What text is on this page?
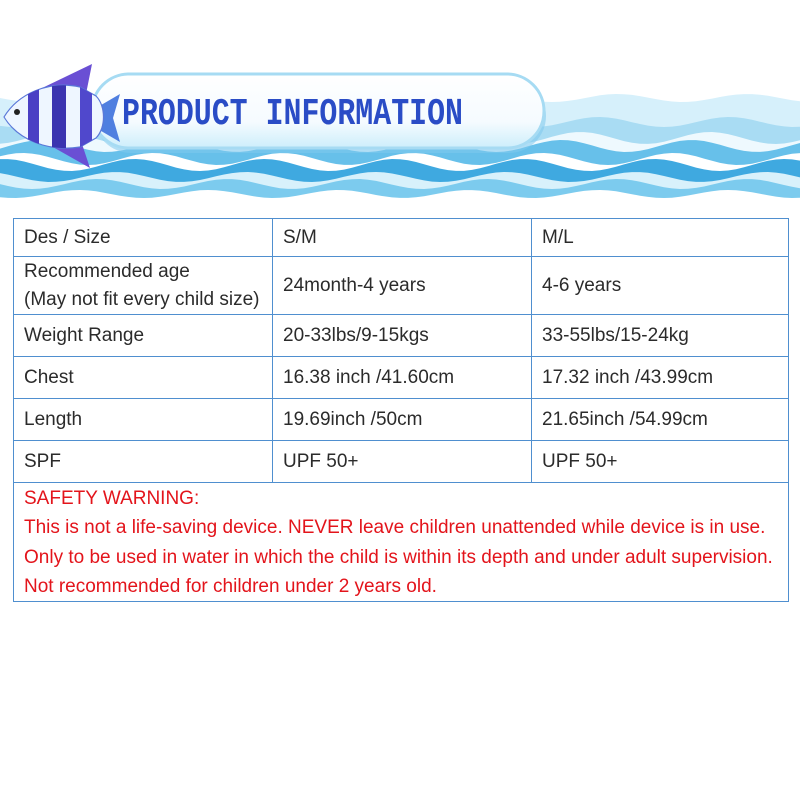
PRODUCT INFORMATION
Des / Size	S/M	M/L

Recommended age
(May not fit every child size)	24month-4 years	4-6 years
Weight Range	20-33lbs/9-15kgs	33-55lbs/15-24kg
Chest	16.38 inch /41.60cm	17.32 inch /43.99cm
Length	19.69inch /50cm	21.65inch /54.99cm
SPF	UPF 50+	UPF 50+

SAFETY WARNING:
This is not a life-saving device. NEVER leave children unattended while device is in use.
Only to be used in water in which the child is within its depth and under adult supervision.
Not recommended for children under 2 years old.		
